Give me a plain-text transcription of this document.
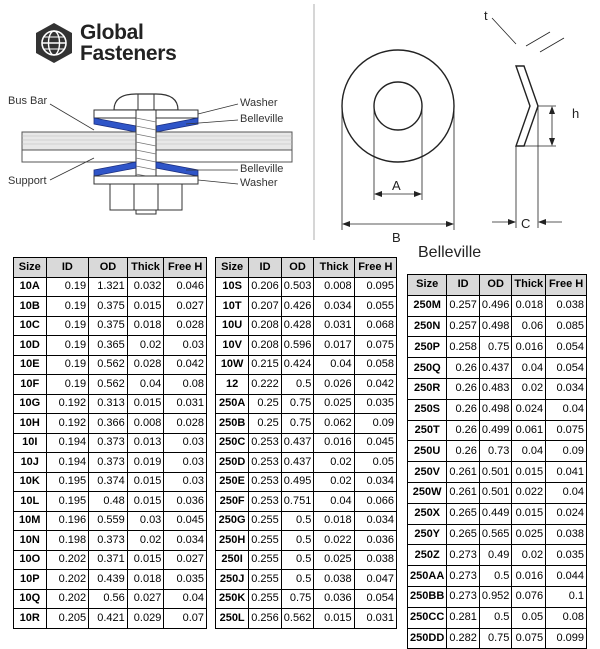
Global
Fasteners
Bus Bar	Washer
Belleville
Belleville
Support	Washer	A
B
t
h
C
Belleville
Size	ID	OD	Thick	Free H
10A	0.19	1.321	0.032	0.046
10B	0.19	0.375	0.015	0.027
10C	0.19	0.375	0.018	0.028
10D	0.19	0.365	0.02	0.03
10E	0.19	0.562	0.028	0.042
10F	0.19	0.562	0.04	0.08
10G	0.192	0.313	0.015	0.031
10H	0.192	0.366	0.008	0.028
10I	0.194	0.373	0.013	0.03
10J	0.194	0.373	0.019	0.03
10K	0.195	0.374	0.015	0.03
10L	0.195	0.48	0.015	0.036
10M	0.196	0.559	0.03	0.045
10N	0.198	0.373	0.02	0.034
10O	0.202	0.371	0.015	0.027
10P	0.202	0.439	0.018	0.035
10Q	0.202	0.56	0.027	0.04
10R	0.205	0.421	0.029	0.07
Size	ID	OD	Thick	Free H
10S	0.206	0.503	0.008	0.095
10T	0.207	0.426	0.034	0.055
10U	0.208	0.428	0.031	0.068
10V	0.208	0.596	0.017	0.075
10W	0.215	0.424	0.04	0.058
12	0.222	0.5	0.026	0.042
250A	0.25	0.75	0.025	0.035
250B	0.25	0.75	0.062	0.09
250C	0.253	0.437	0.016	0.045
250D	0.253	0.437	0.02	0.05
250E	0.253	0.495	0.02	0.034
250F	0.253	0.751	0.04	0.066
250G	0.255	0.5	0.018	0.034
250H	0.255	0.5	0.022	0.036
250I	0.255	0.5	0.025	0.038
250J	0.255	0.5	0.038	0.047
250K	0.255	0.75	0.036	0.054
250L	0.256	0.562	0.015	0.031
Size	ID	OD	Thick	Free H
250M	0.257	0.496	0.018	0.038
250N	0.257	0.498	0.06	0.085
250P	0.258	0.75	0.016	0.054
250Q	0.26	0.437	0.04	0.054
250R	0.26	0.483	0.02	0.034
250S	0.26	0.498	0.024	0.04
250T	0.26	0.499	0.061	0.075
250U	0.26	0.73	0.04	0.09
250V	0.261	0.501	0.015	0.041
250W	0.261	0.501	0.022	0.04
250X	0.265	0.449	0.015	0.024
250Y	0.265	0.565	0.025	0.038
250Z	0.273	0.49	0.02	0.035
250AA	0.273	0.5	0.016	0.044
250BB	0.273	0.952	0.076	0.1
250CC	0.281	0.5	0.05	0.08
250DD	0.282	0.75	0.075	0.099
